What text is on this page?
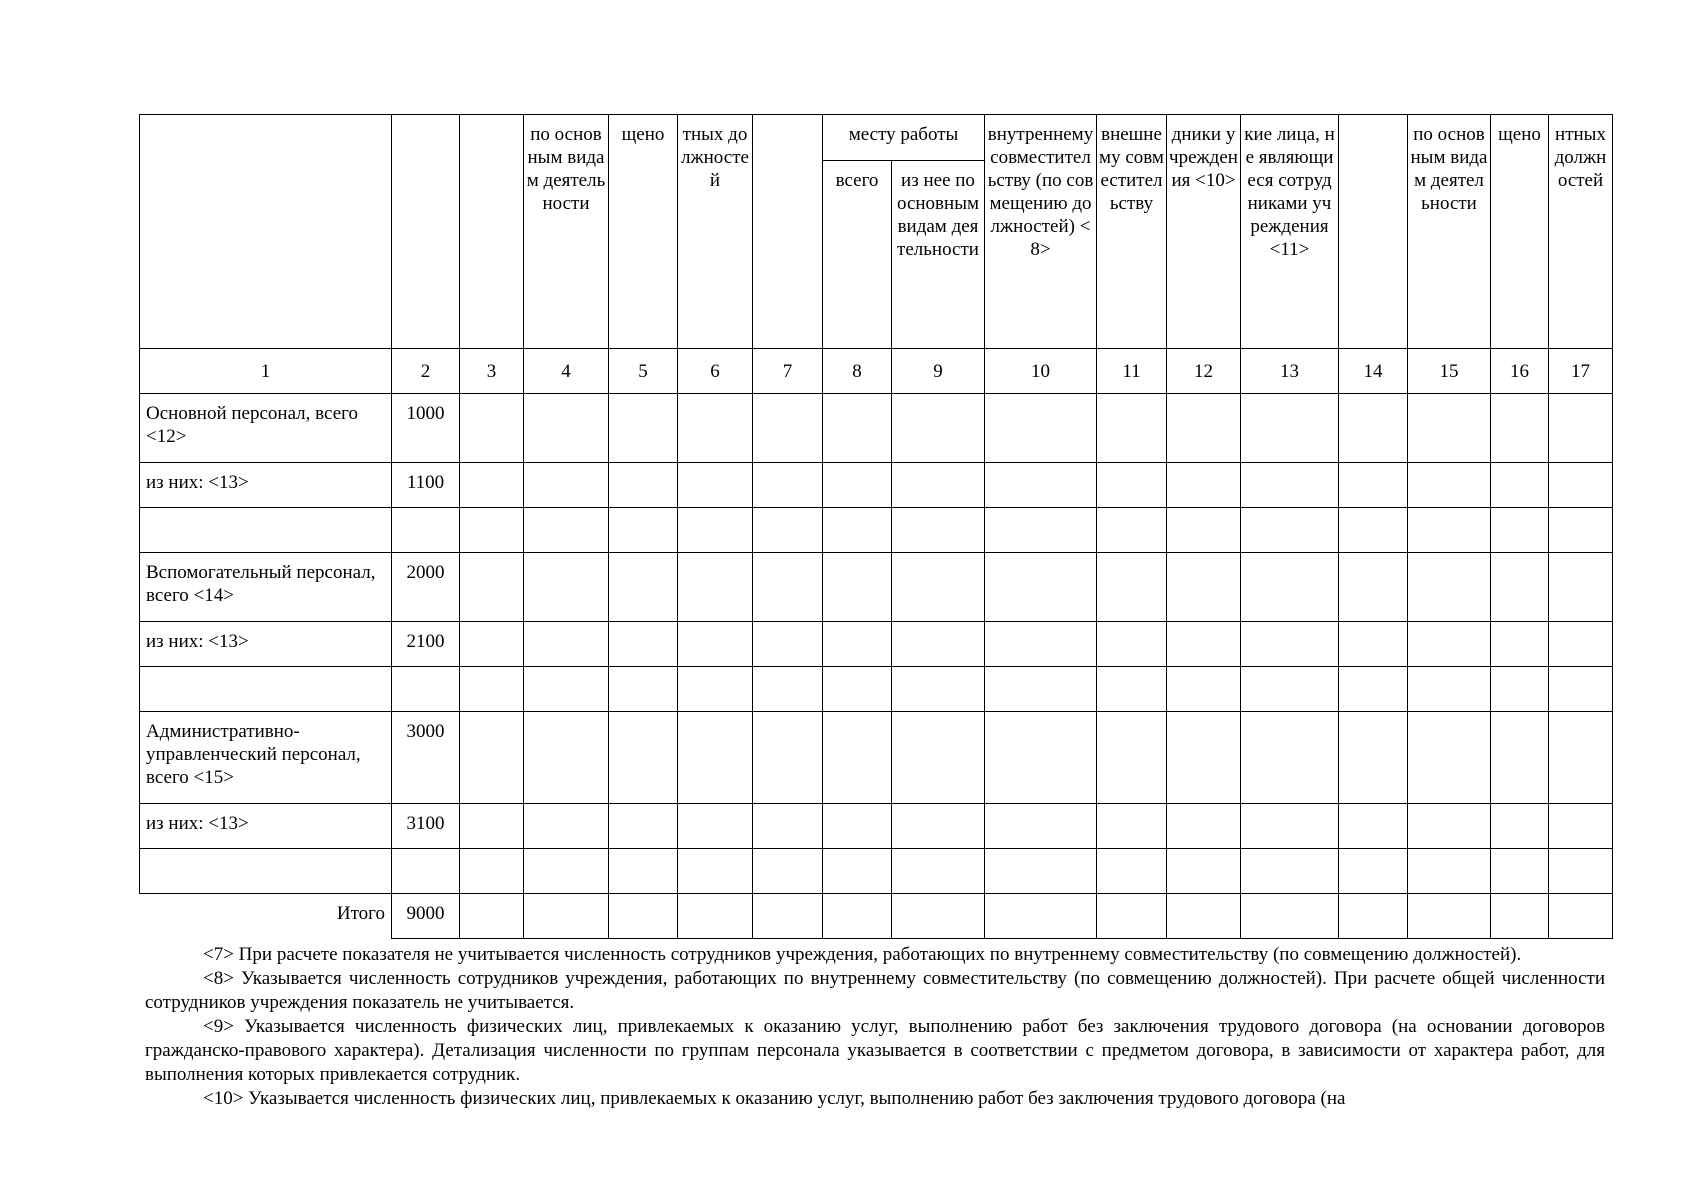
			по основным видам деятельности	щено	тных должностей		месту работы		внутреннему совместительству (по совмещению должностей) <8>	внешнему совместительству	дники учреждения <10>	кие лица, не являющиеся сотрудниками учреждения <11>		по основным видам деятельности	щено	нтных должностей
							всего	из нее по основным видам деятельности								
1	2	3	4	5	6	7	8	9	10	11	12	13	14	15	16	17
Основной персонал, всего <12>	1000															
из них: <13>	1100															

Вспомогательный персонал, всего <14>	2000															
из них: <13>	2100															

Административно-управленческий персонал, всего <15>	3000															
из них: <13>	3100															

Итого	9000															

<7> При расчете показателя не учитывается численность сотрудников учреждения, работающих по внутреннему совместительству (по совмещению должностей).

<8> Указывается численность сотрудников учреждения, работающих по внутреннему совместительству (по совмещению должностей). При расчете общей численности сотрудников учреждения показатель не учитывается.

<9> Указывается численность физических лиц, привлекаемых к оказанию услуг, выполнению работ без заключения трудового договора (на основании договоров гражданско-правового характера). Детализация численности по группам персонала указывается в соответствии с предметом договора, в зависимости от характера работ, для выполнения которых привлекается сотрудник.

<10> Указывается численность физических лиц, привлекаемых к оказанию услуг, выполнению работ без заключения трудового договора (на
